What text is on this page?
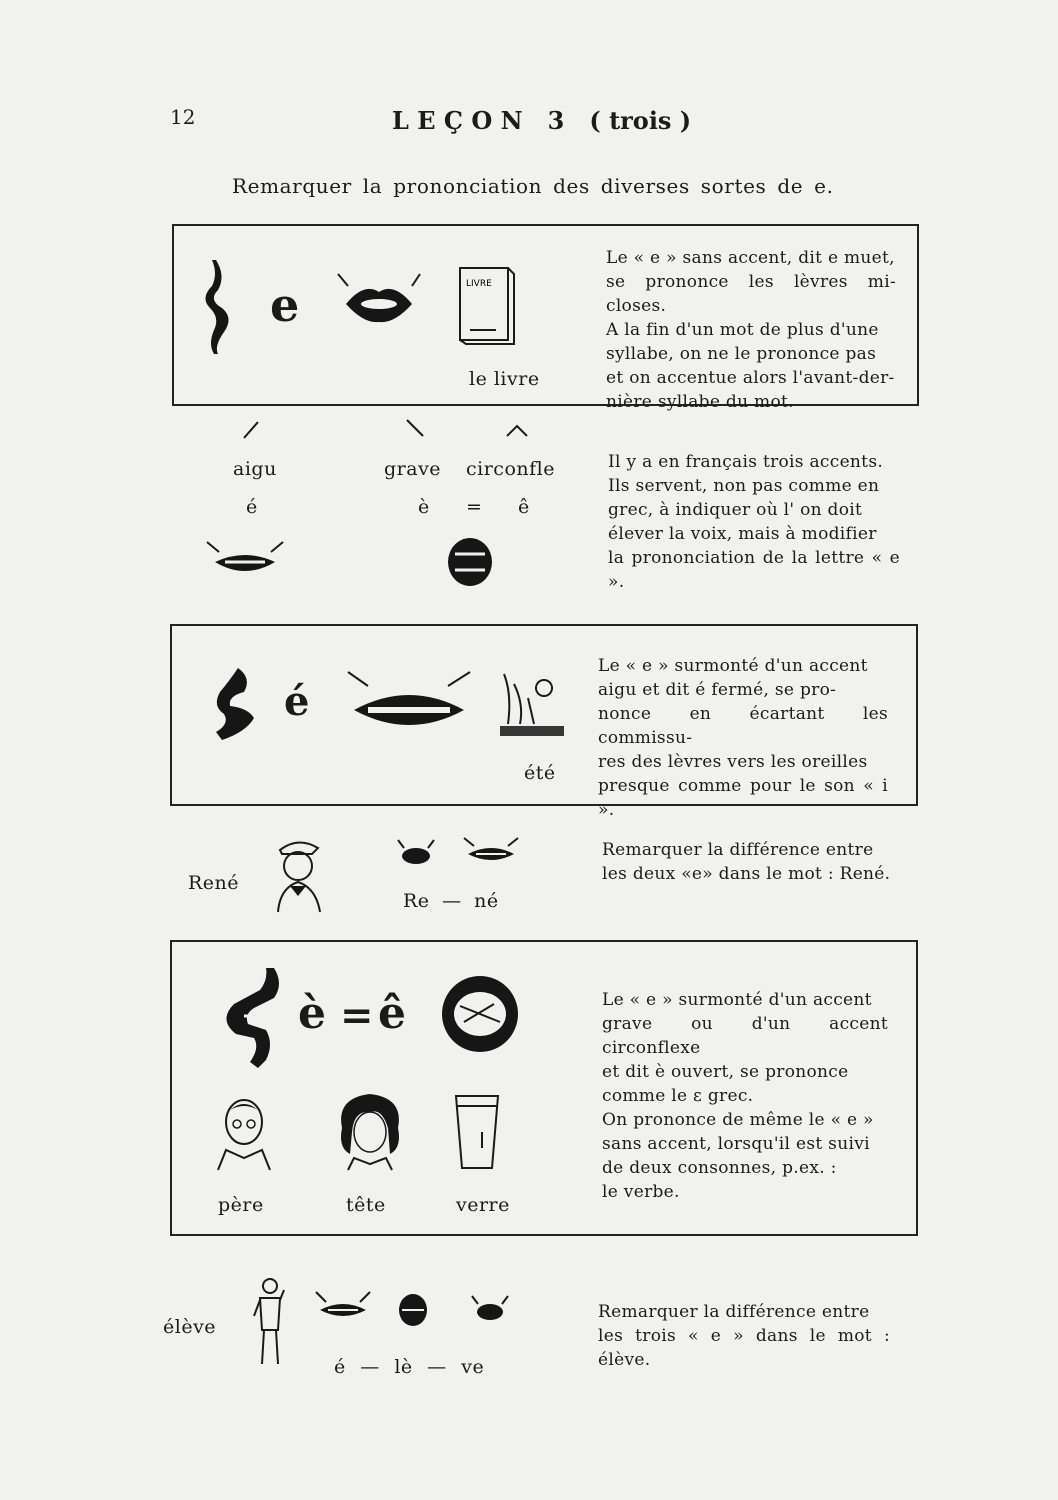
12	L E Ç O N   3   ( trois )
Remarquer la prononciation des diverses sortes de e.
e	LIVRE
le livre
Le « e » sans accent, dit e muet,
se prononce les lèvres mi-closes.
A la fin d'un mot de plus d'une
syllabe, on ne le prononce pas
et on accentue alors l'avant-der-
nière syllabe du mot.
aigu	grave circonfle
é	è = ê
Il y a en français trois accents.
Ils servent, non pas comme en
grec, à indiquer où l' on doit
élever la voix, mais à modifier
la prononciation de la lettre « e ».
é
été
Le « e » surmonté d'un accent
aigu et dit é fermé, se pro-
nonce en écartant les commissu-
res des lèvres vers les oreilles
presque comme pour le son « i ».
René
Re — né
Remarquer la différence entre
les deux «e» dans le mot : René.
è = ê
père	tête	verre
Le « e » surmonté d'un accent
grave ou d'un accent circonflexe
et dit è ouvert, se prononce
comme le ε grec.
On prononce de même le « e »
sans accent, lorsqu'il est suivi
de deux consonnes, p.ex. :
le verbe.
élève
é — lè — ve
Remarquer la différence entre
les trois « e » dans le mot : élève.
